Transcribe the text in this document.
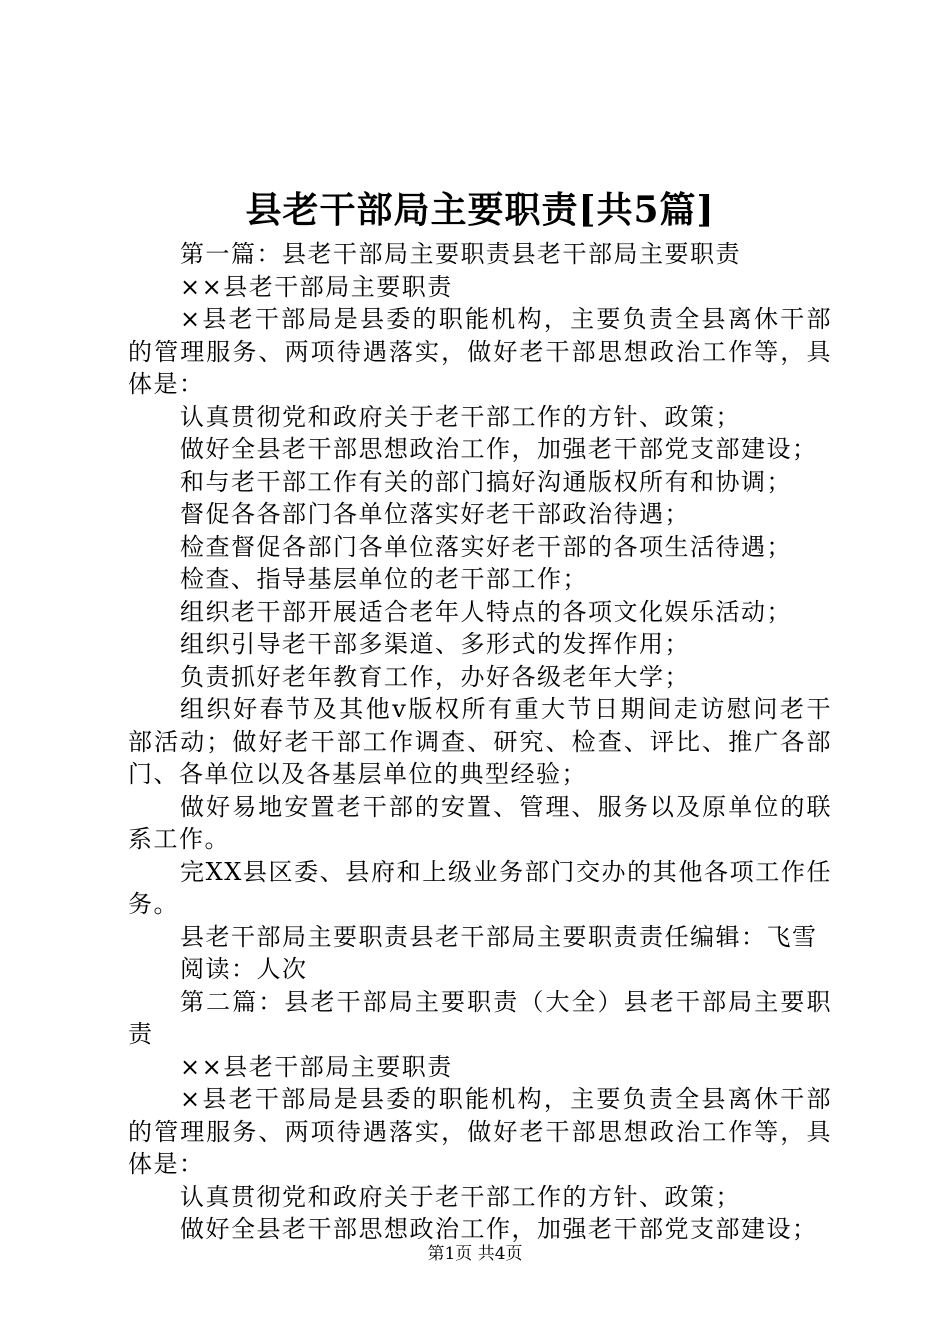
县老干部局主要职责[共5篇]

第一篇：县老干部局主要职责县老干部局主要职责

××县老干部局主要职责

×县老干部局是县委的职能机构，主要负责全县离休干部的管理服务、两项待遇落实，做好老干部思想政治工作等，具体是：

认真贯彻党和政府关于老干部工作的方针、政策；

做好全县老干部思想政治工作，加强老干部党支部建设；

和与老干部工作有关的部门搞好沟通版权所有和协调；

督促各各部门各单位落实好老干部政治待遇；

检查督促各部门各单位落实好老干部的各项生活待遇；

检查、指导基层单位的老干部工作；

组织老干部开展适合老年人特点的各项文化娱乐活动；

组织引导老干部多渠道、多形式的发挥作用；

负责抓好老年教育工作，办好各级老年大学；

组织好春节及其他v版权所有重大节日期间走访慰问老干部活动；做好老干部工作调查、研究、检查、评比、推广各部门、各单位以及各基层单位的典型经验；

做好易地安置老干部的安置、管理、服务以及原单位的联系工作。

完XX县区委、县府和上级业务部门交办的其他各项工作任务。

县老干部局主要职责县老干部局主要职责责任编辑：飞雪

阅读：人次

第二篇：县老干部局主要职责（大全）县老干部局主要职责

××县老干部局主要职责

×县老干部局是县委的职能机构，主要负责全县离休干部的管理服务、两项待遇落实，做好老干部思想政治工作等，具体是：

认真贯彻党和政府关于老干部工作的方针、政策；

做好全县老干部思想政治工作，加强老干部党支部建设；

第1页 共4页
